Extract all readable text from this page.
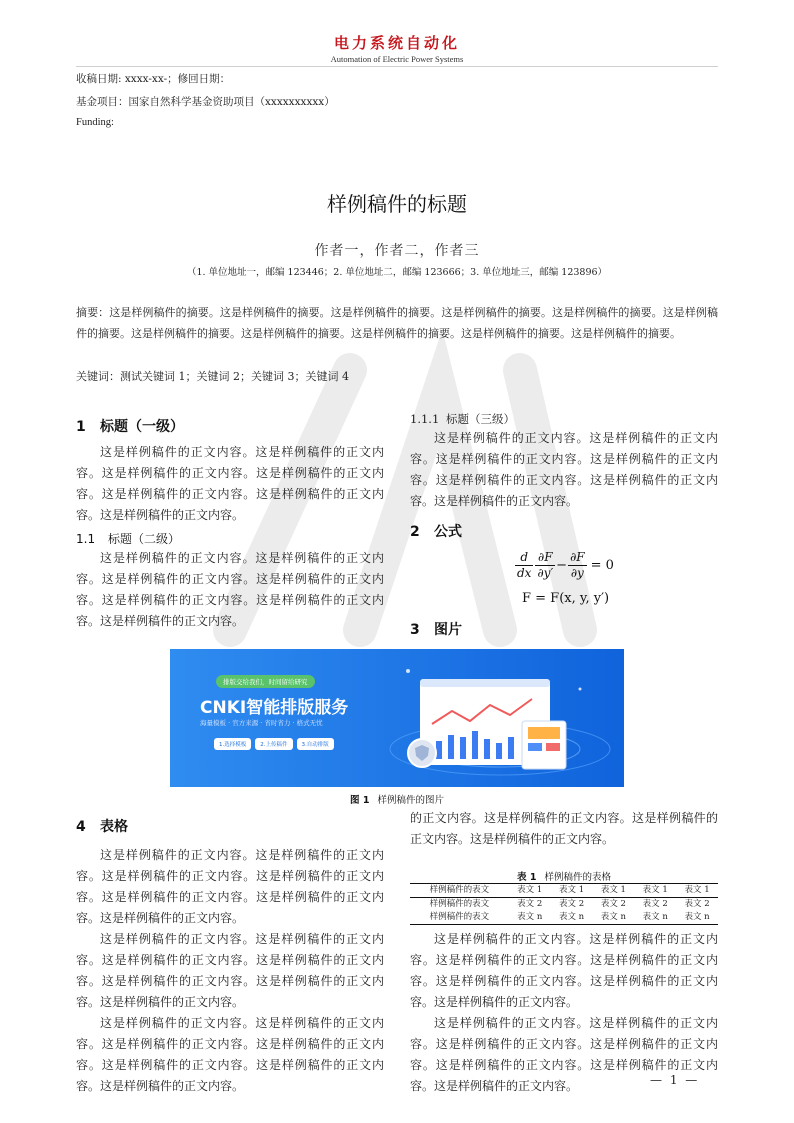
电力系统自动化
Automation of Electric Power Systems
收稿日期: xxxx-xx-；修回日期：
基金项目：国家自然科学基金资助项目（xxxxxxxxxx）
Funding:
样例稿件的标题
作者一，作者二，作者三
（1. 单位地址一，邮编 123446；2. 单位地址二，邮编 123666；3. 单位地址三，邮编 123896）
摘要：这是样例稿件的摘要。这是样例稿件的摘要。这是样例稿件的摘要。这是样例稿件的摘要。这是样例稿件的摘要。这是样例稿件的摘要。这是样例稿件的摘要。这是样例稿件的摘要。这是样例稿件的摘要。这是样例稿件的摘要。这是样例稿件的摘要。
关键词：测试关键词 1；关键词 2；关键词 3；关键词 4
1 标题（一级）
这是样例稿件的正文内容。这是样例稿件的正文内容。这是样例稿件的正文内容。这是样例稿件的正文内容。这是样例稿件的正文内容。这是样例稿件的正文内容。这是样例稿件的正文内容。
1.1 标题（二级）
这是样例稿件的正文内容。这是样例稿件的正文内容。这是样例稿件的正文内容。这是样例稿件的正文内容。这是样例稿件的正文内容。这是样例稿件的正文内容。这是样例稿件的正文内容。
1.1.1 标题（三级）
这是样例稿件的正文内容。这是样例稿件的正文内容。这是样例稿件的正文内容。这是样例稿件的正文内容。这是样例稿件的正文内容。这是样例稿件的正文内容。这是样例稿件的正文内容。
2 公式
$\frac{d}{dx} \frac{\partial F}{\partial y'} - \frac{\partial F}{\partial y} = 0$
F = F(x, y, y′)
3 图片
排版交给我们，时间留给研究
CNKI智能排版服务
海量模板 · 官方来源 · 省时省力 · 格式无忧
1.选择模板	2.上传稿件	3.自动排版
图 1 样例稿件的图片
4 表格
这是样例稿件的正文内容。这是样例稿件的正文内容。这是样例稿件的正文内容。这是样例稿件的正文内容。这是样例稿件的正文内容。这是样例稿件的正文内容。这是样例稿件的正文内容。
这是样例稿件的正文内容。这是样例稿件的正文内容。这是样例稿件的正文内容。这是样例稿件的正文内容。这是样例稿件的正文内容。这是样例稿件的正文内容。这是样例稿件的正文内容。
这是样例稿件的正文内容。这是样例稿件的正文内容。这是样例稿件的正文内容。这是样例稿件的正文内容。这是样例稿件的正文内容。这是样例稿件的正文内容。这是样例稿件的正文内容。
的正文内容。这是样例稿件的正文内容。这是样例稿件的正文内容。这是样例稿件的正文内容。
表 1 样例稿件的表格
样例稿件的表文	表文 1	表文 1	表文 1	表文 1	表文 1
样例稿件的表文	表文 2	表文 2	表文 2	表文 2	表文 2
样例稿件的表文	表文 n	表文 n	表文 n	表文 n	表文 n
这是样例稿件的正文内容。这是样例稿件的正文内容。这是样例稿件的正文内容。这是样例稿件的正文内容。这是样例稿件的正文内容。这是样例稿件的正文内容。这是样例稿件的正文内容。
这是样例稿件的正文内容。这是样例稿件的正文内容。这是样例稿件的正文内容。这是样例稿件的正文内容。这是样例稿件的正文内容。这是样例稿件的正文内容。这是样例稿件的正文内容。	— 1 —
